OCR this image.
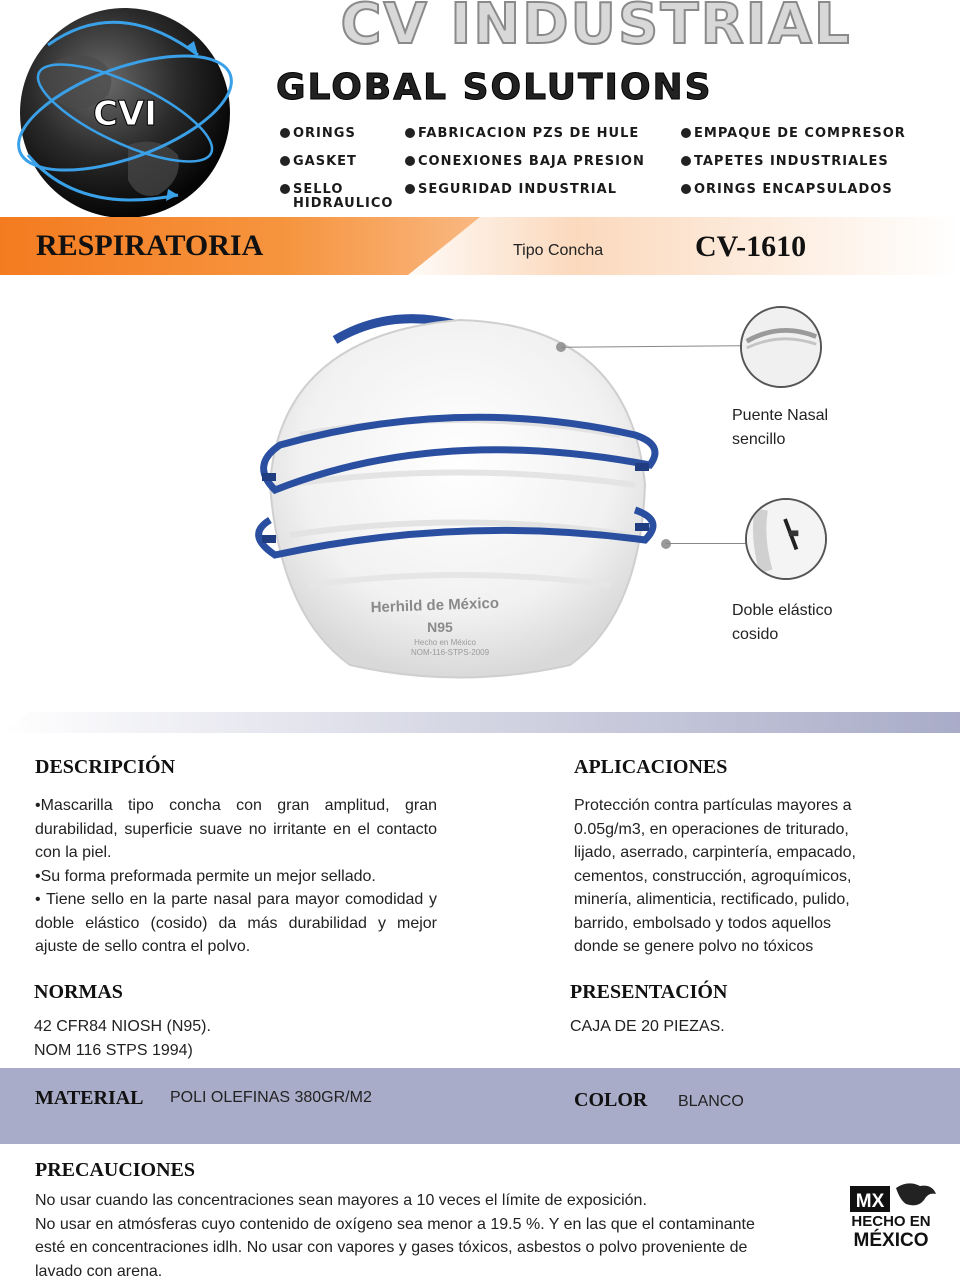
CVI
CV INDUSTRIAL
GLOBAL SOLUTIONS
ORINGS
GASKET
SELLO
HIDRAULICO
FABRICACION PZS DE HULE
CONEXIONES BAJA PRESION
SEGURIDAD INDUSTRIAL
EMPAQUE DE COMPRESOR
TAPETES INDUSTRIALES
ORINGS ENCAPSULADOS
RESPIRATORIA	Tipo Concha	CV-1610
Herhild de México
N95
Hecho en México
NOM-116-STPS-2009
Puente Nasal
sencillo
Doble elástico
cosido
DESCRIPCIÓN

•Mascarilla tipo concha con gran amplitud, gran durabilidad, superficie suave no irritante en el contacto con la piel.

•Su forma preformada permite un mejor sellado.

• Tiene sello en la parte nasal para mayor comodidad y doble elástico (cosido) da más durabilidad y mejor ajuste de sello contra el polvo.

APLICACIONES
Protección contra partículas mayores a
0.05g/m3, en operaciones de triturado,
lijado, aserrado, carpintería, empacado,
cementos, construcción, agroquímicos,
minería, alimenticia, rectificado, pulido,
barrido, embolsado y todos aquellos
donde se genere polvo no tóxicos
NORMAS
42 CFR84 NIOSH (N95).
NOM 116 STPS 1994)
PRESENTACIÓN
CAJA DE 20 PIEZAS.
MATERIAL POLI OLEFINAS 380GR/M2	COLOR BLANCO
PRECAUCIONES
No usar cuando las concentraciones sean mayores a 10 veces el límite de exposición.
No usar en atmósferas cuyo contenido de oxígeno sea menor a 19.5 %. Y en las que el contaminante
esté en concentraciones idlh. No usar con vapores y gases tóxicos, asbestos o polvo proveniente de
lavado con arena.
MX
HECHO EN
MÉXICO
